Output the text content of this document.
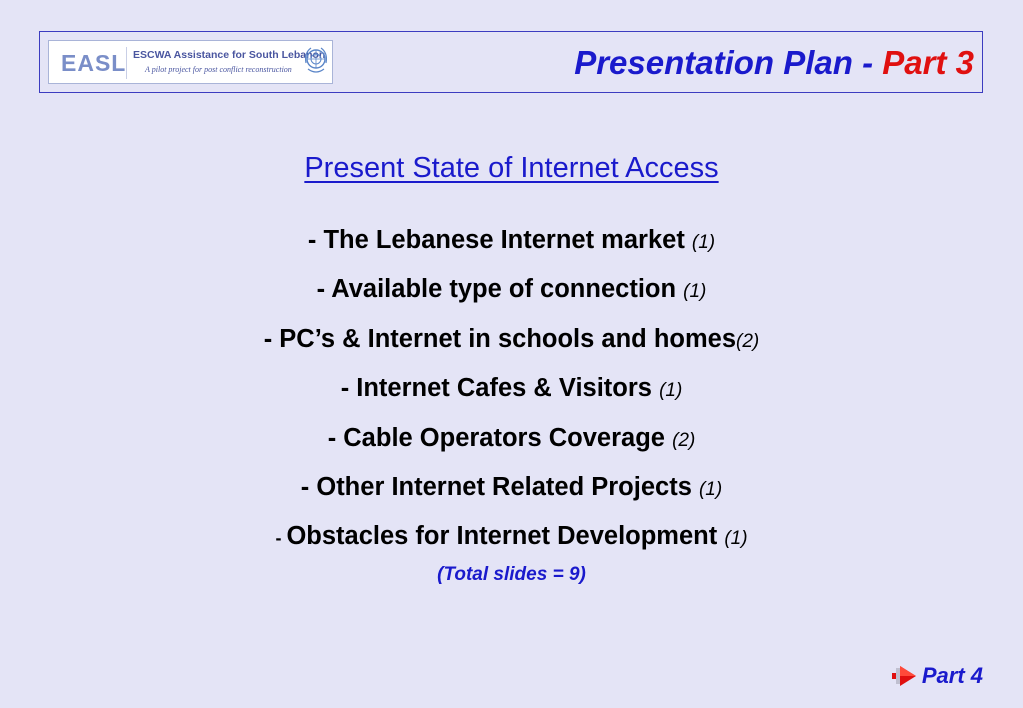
EASL ESCWA Assistance for South Lebanon
A pilot project for post conflict reconstruction	Presentation Plan - Part 3
Present State of Internet Access
- The Lebanese Internet market (1)
- Available type of connection (1)
- PC’s & Internet in schools and homes(2)
- Internet Cafes & Visitors (1)
- Cable Operators Coverage (2)
- Other Internet Related Projects (1)
- Obstacles for Internet Development (1)
(Total slides = 9)
Part 4
